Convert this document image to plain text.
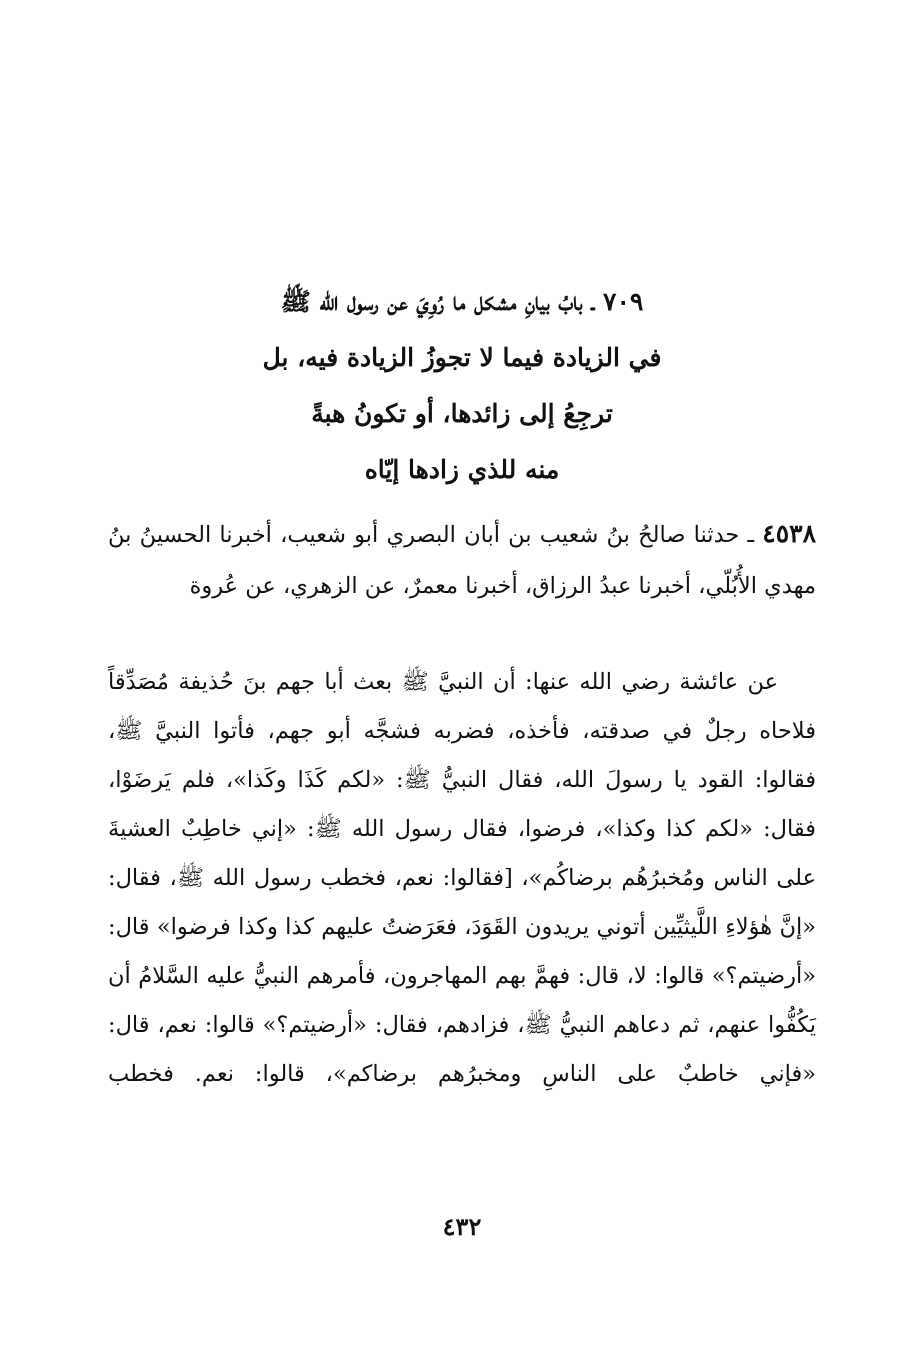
٧٠٩ ـ بابُ بيانِ مشكل ما رُوِيَ عن رسول الله ﷺ
في الزيادة فيما لا تجوزُ الزيادة فيه، بل
ترجِعُ إلى زائدها، أو تكونُ هبةً
منه للذي زادها إيّاه
٤٥٣٨ ـ حدثنا صالحُ بنُ شعيب بن أبان البصري أبو شعيب، أخبرنا الحسينُ بنُ مهدي الأُبُلّي، أخبرنا عبدُ الرزاق، أخبرنا معمرٌ، عن الزهري، عن عُروة
عن عائشة رضي الله عنها: أن النبيَّ ﷺ بعث أبا جهم بنَ حُذيفة مُصَدِّقاً فلاحاه رجلٌ في صدقته، فأخذه، فضربه فشجَّه أبو جهم، فأتوا النبيَّ ﷺ، فقالوا: القود يا رسولَ الله، فقال النبيُّ ﷺ: «لكم كَذَا وكَذا»، فلم يَرضَوْا، فقال: «لكم كذا وكذا»، فرضوا، فقال رسول الله ﷺ: «إني خاطِبٌ العشيةَ على الناس ومُخبرُهُم برضاكُم»، [فقالوا: نعم، فخطب رسول الله ﷺ، فقال: «إنَّ هٰؤلاءِ اللَّيثيِّين أتوني يريدون القَوَدَ، فعَرَضتُ عليهم كذا وكذا فرضوا» قال: «أرضيتم؟» قالوا: لا، قال: فهمَّ بهم المهاجرون، فأمرهم النبيُّ عليه السَّلامُ أن يَكُفُّوا عنهم، ثم دعاهم النبيُّ ﷺ، فزادهم، فقال: «أرضيتم؟» قالوا: نعم، قال: «فإني خاطبٌ على الناسِ ومخبرُهم برضاكم»، قالوا: نعم. فخطب
٤٣٢
